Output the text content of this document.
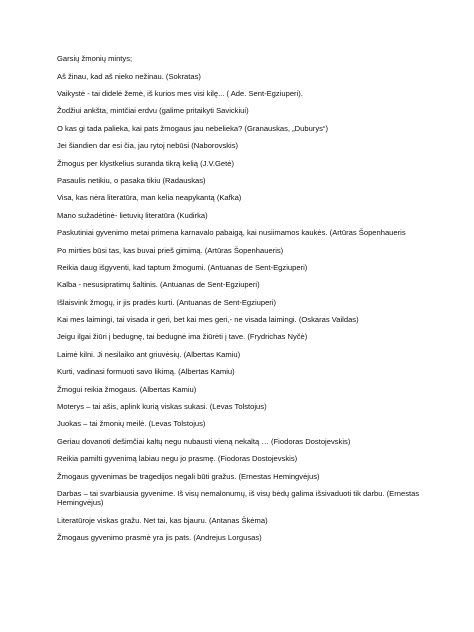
Garsių žmonių mintys;
Aš žinau, kad aš nieko nežinau. (Sokratas)
Vaikystė - tai didelė žemė, iš kurios mes visi kilę... ( Ade. Sent-Egziuperi).
Žodžiui ankšta, mintčiai erdvu (galime pritaikyti Savickiui)
O kas gi tada palieka, kai pats žmogaus jau nebelieka? (Granauskas, „Duburys“)
Jei šiandien dar esi čia, jau rytoj nebūsi (Naborovskis)
Žmogus per klystkelius suranda tikrą kelią (J.V.Getė)
Pasaulis netikiu, o pasaka tikiu (Radauskas)
Visa, kas nėra literatūra, man kelia neapykantą (Kafka)
Mano sužadėtinė- lietuvių literatūra (Kudirka)
Paskutiniai gyvenimo metai primena karnavalo pabaigą, kai nusiimamos kaukės. (Artūras Šopenhaueris
Po mirties būsi tas, kas buvai prieš gimimą. (Artūras Šopenhaueris)
Reikia daug išgyventi, kad taptum žmogumi. (Antuanas de Sent-Egziuperi)
Kalba - nesusipratimų šaltinis. (Antuanas de Sent-Egziuperi)
Išlaisvink žmogų, ir jis pradės kurti. (Antuanas de Sent-Egziuperi)
Kai mes laimingi, tai visada ir geri, bet kai mes geri,- ne visada laimingi. (Oskaras Vaildas)
Jeigu ilgai žiūri į bedugnę, tai bedugnė ima žiūrėti į tave. (Frydrichas Nyčė)
Laimė kilni. Ji nesilaiko ant griuvėsių. (Albertas Kamiu)
Kurti, vadinasi formuoti savo likimą. (Albertas Kamiu)
Žmogui reikia žmogaus. (Albertas Kamiu)
Moterys – tai ašis, aplink kurią viskas sukasi. (Levas Tolstojus)
Juokas – tai žmonių meilė. (Levas Tolstojus)
Geriau dovanoti dešimčiai kaltų negu nubausti vieną nekaltą … (Fiodoras Dostojevskis)
Reikia pamilti gyvenimą labiau negu jo prasmę. (Fiodoras Dostojevskis)
Žmogaus gyvenimas be tragedijos negali būti gražus. (Ernestas Hemingvėjus)
Darbas – tai svarbiausia gyvenime. Iš visų nemalonumų, iš visų bėdų galima išsivaduoti tik darbu. (Ernestas Hemingvėjus)
Literatūroje viskas gražu. Net tai, kas bjauru. (Antanas Škėma)
Žmogaus gyvenimo prasmė yra jis pats. (Andrejus Lorgusas)
